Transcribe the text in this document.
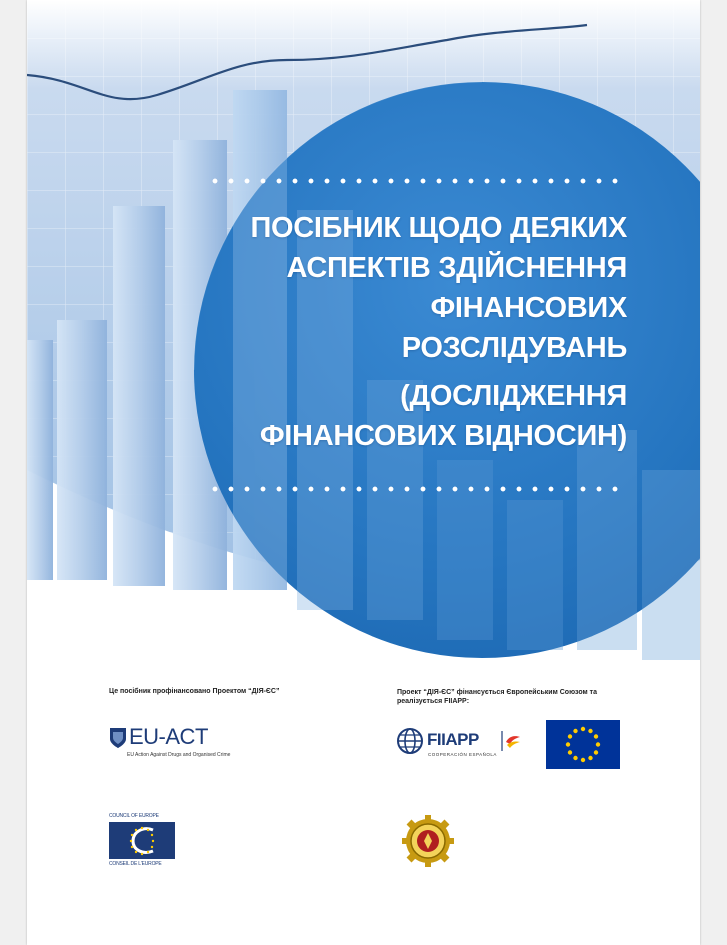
ПОСІБНИК ЩОДО ДЕЯКИХ
АСПЕКТІВ ЗДІЙСНЕННЯ
ФІНАНСОВИХ
РОЗСЛІДУВАНЬ
(ДОСЛІДЖЕННЯ
ФІНАНСОВИХ ВІДНОСИН)
Це посібник профінансовано Проектом “ДІЯ-ЄС”	Проект “ДІЯ-ЄС” фінансується Європейським Союзом та реалізується FIIAPP:
EU-ACT
EU Action Against Drugs and Organised Crime
FIIAPP
COOPERACIÓN ESPAÑOLA
COUNCIL OF EUROPE
CONSEIL DE L'EUROPE
